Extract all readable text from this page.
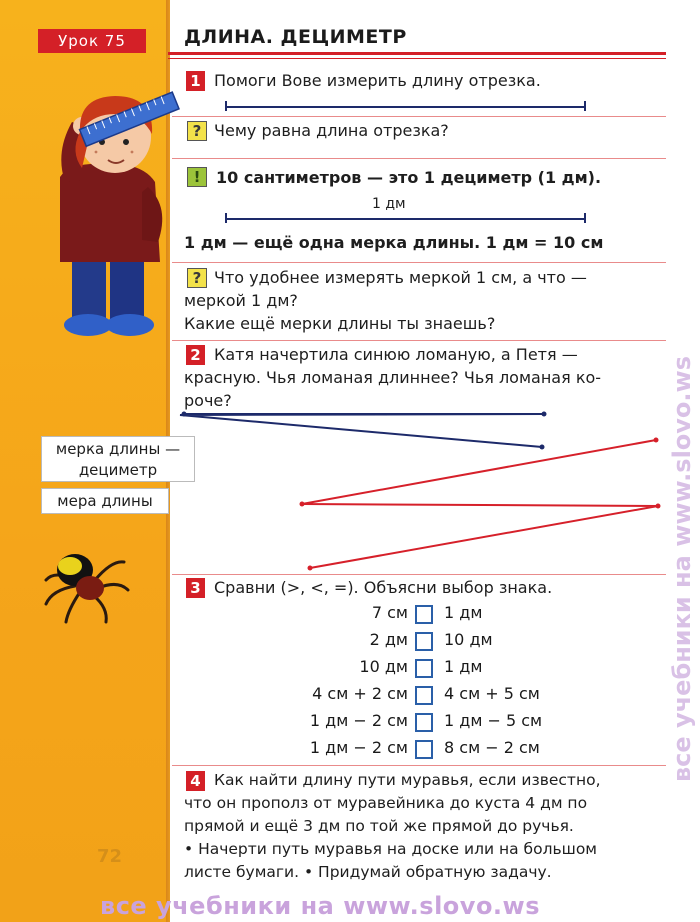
Урок 75	ДЛИНА. ДЕЦИМЕТР
1 Помоги Вове измерить длину отрезка.
? Чему равна длина отрезка?
! 10 сантиметров — это 1 дециметр (1 дм).
1 дм
1 дм — ещё одна мерка длины. 1 дм = 10 см
? Что удобнее измерять меркой 1 см, а что —
меркой 1 дм?
Какие ещё мерки длины ты знаешь?
2 Катя начертила синюю ломаную, а Петя —
красную. Чья ломаная длиннее? Чья ломаная ко-
роче?
мерка длины —
дециметр
мера длины
3 Сравни (>, <, =). Объясни выбор знака.
7 см 1 дм
2 дм 10 дм
10 дм 1 дм
4 см + 2 см 4 см + 5 см
1 дм − 2 см 1 дм − 5 см
1 дм − 2 см 8 см − 2 см
4 Как найти длину пути муравья, если известно,
что он прополз от муравейника до куста 4 дм по
прямой и ещё 3 дм по той же прямой до ручья.
• Начерти путь муравья на доске или на большом
листе бумаги. • Придумай обратную задачу.
72
все учебники на www.slovo.ws
все учебники на www.slovo.ws
